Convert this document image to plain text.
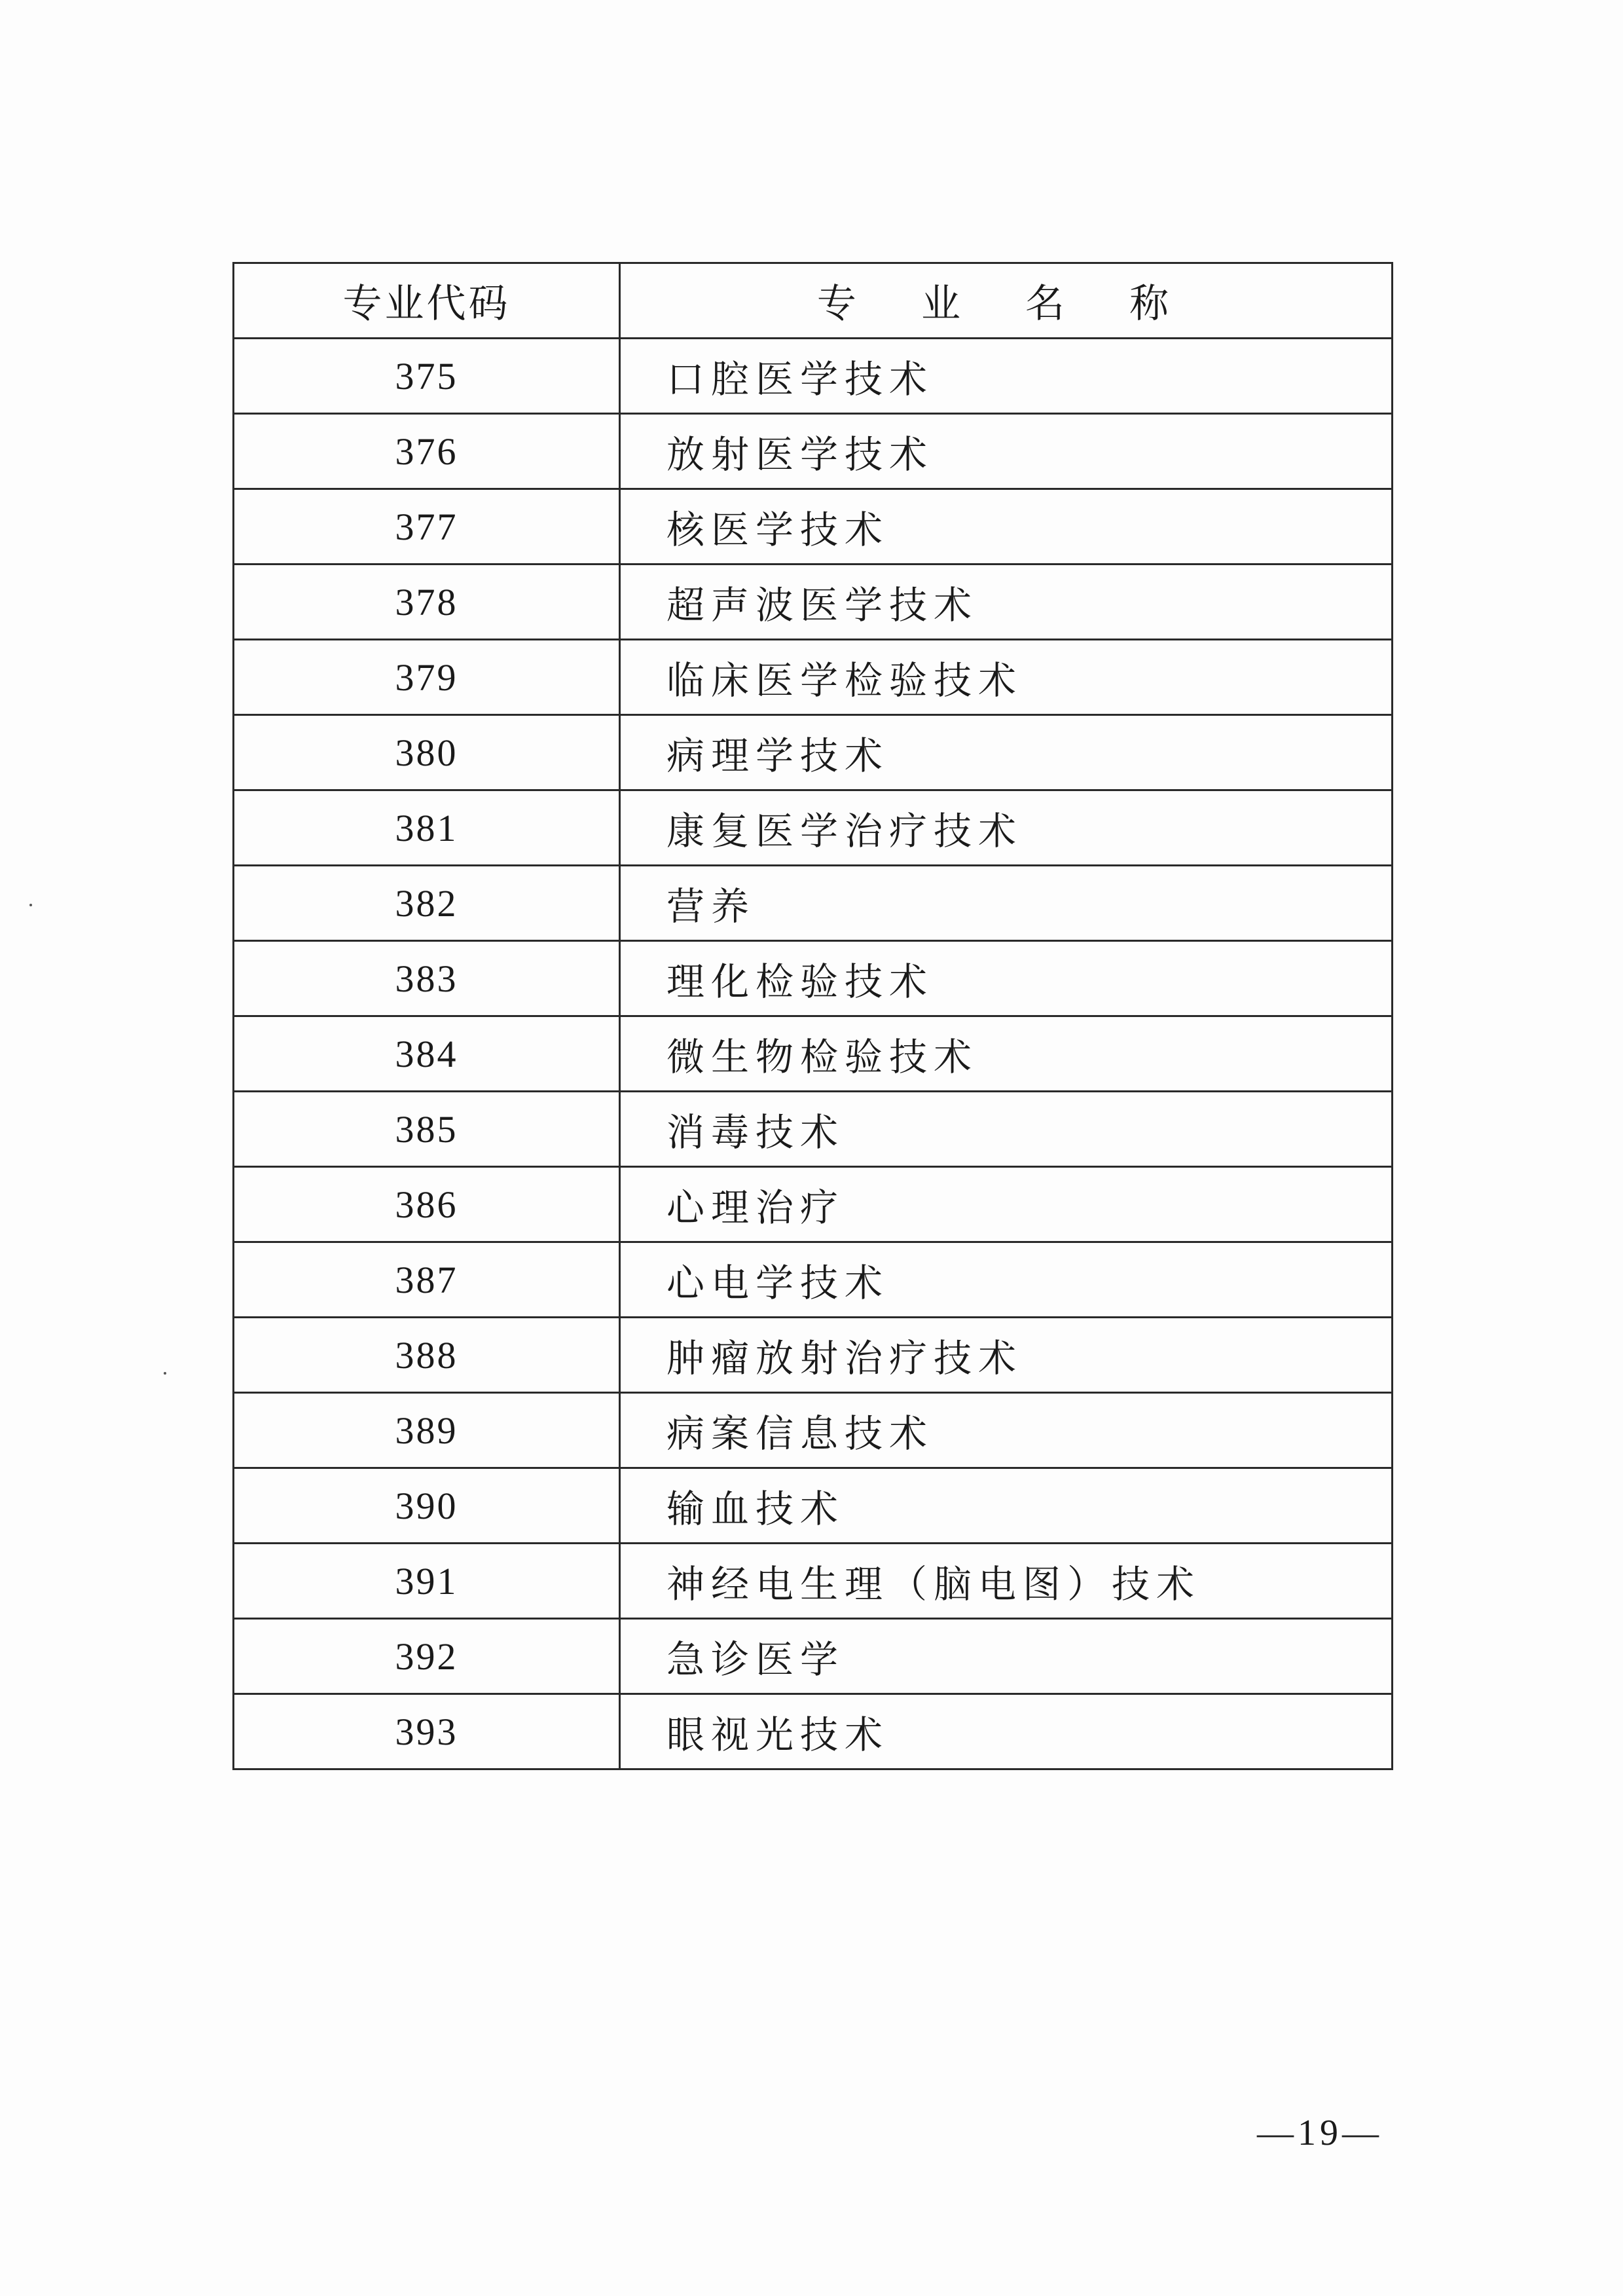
专业代码	专 业 名 称
375	口腔医学技术
376	放射医学技术
377	核医学技术
378	超声波医学技术
379	临床医学检验技术
380	病理学技术
381	康复医学治疗技术
382	营养
383	理化检验技术
384	微生物检验技术
385	消毒技术
386	心理治疗
387	心电学技术
388	肿瘤放射治疗技术
389	病案信息技术
390	输血技术
391	神经电生理（脑电图）技术
392	急诊医学
393	眼视光技术
—19—
